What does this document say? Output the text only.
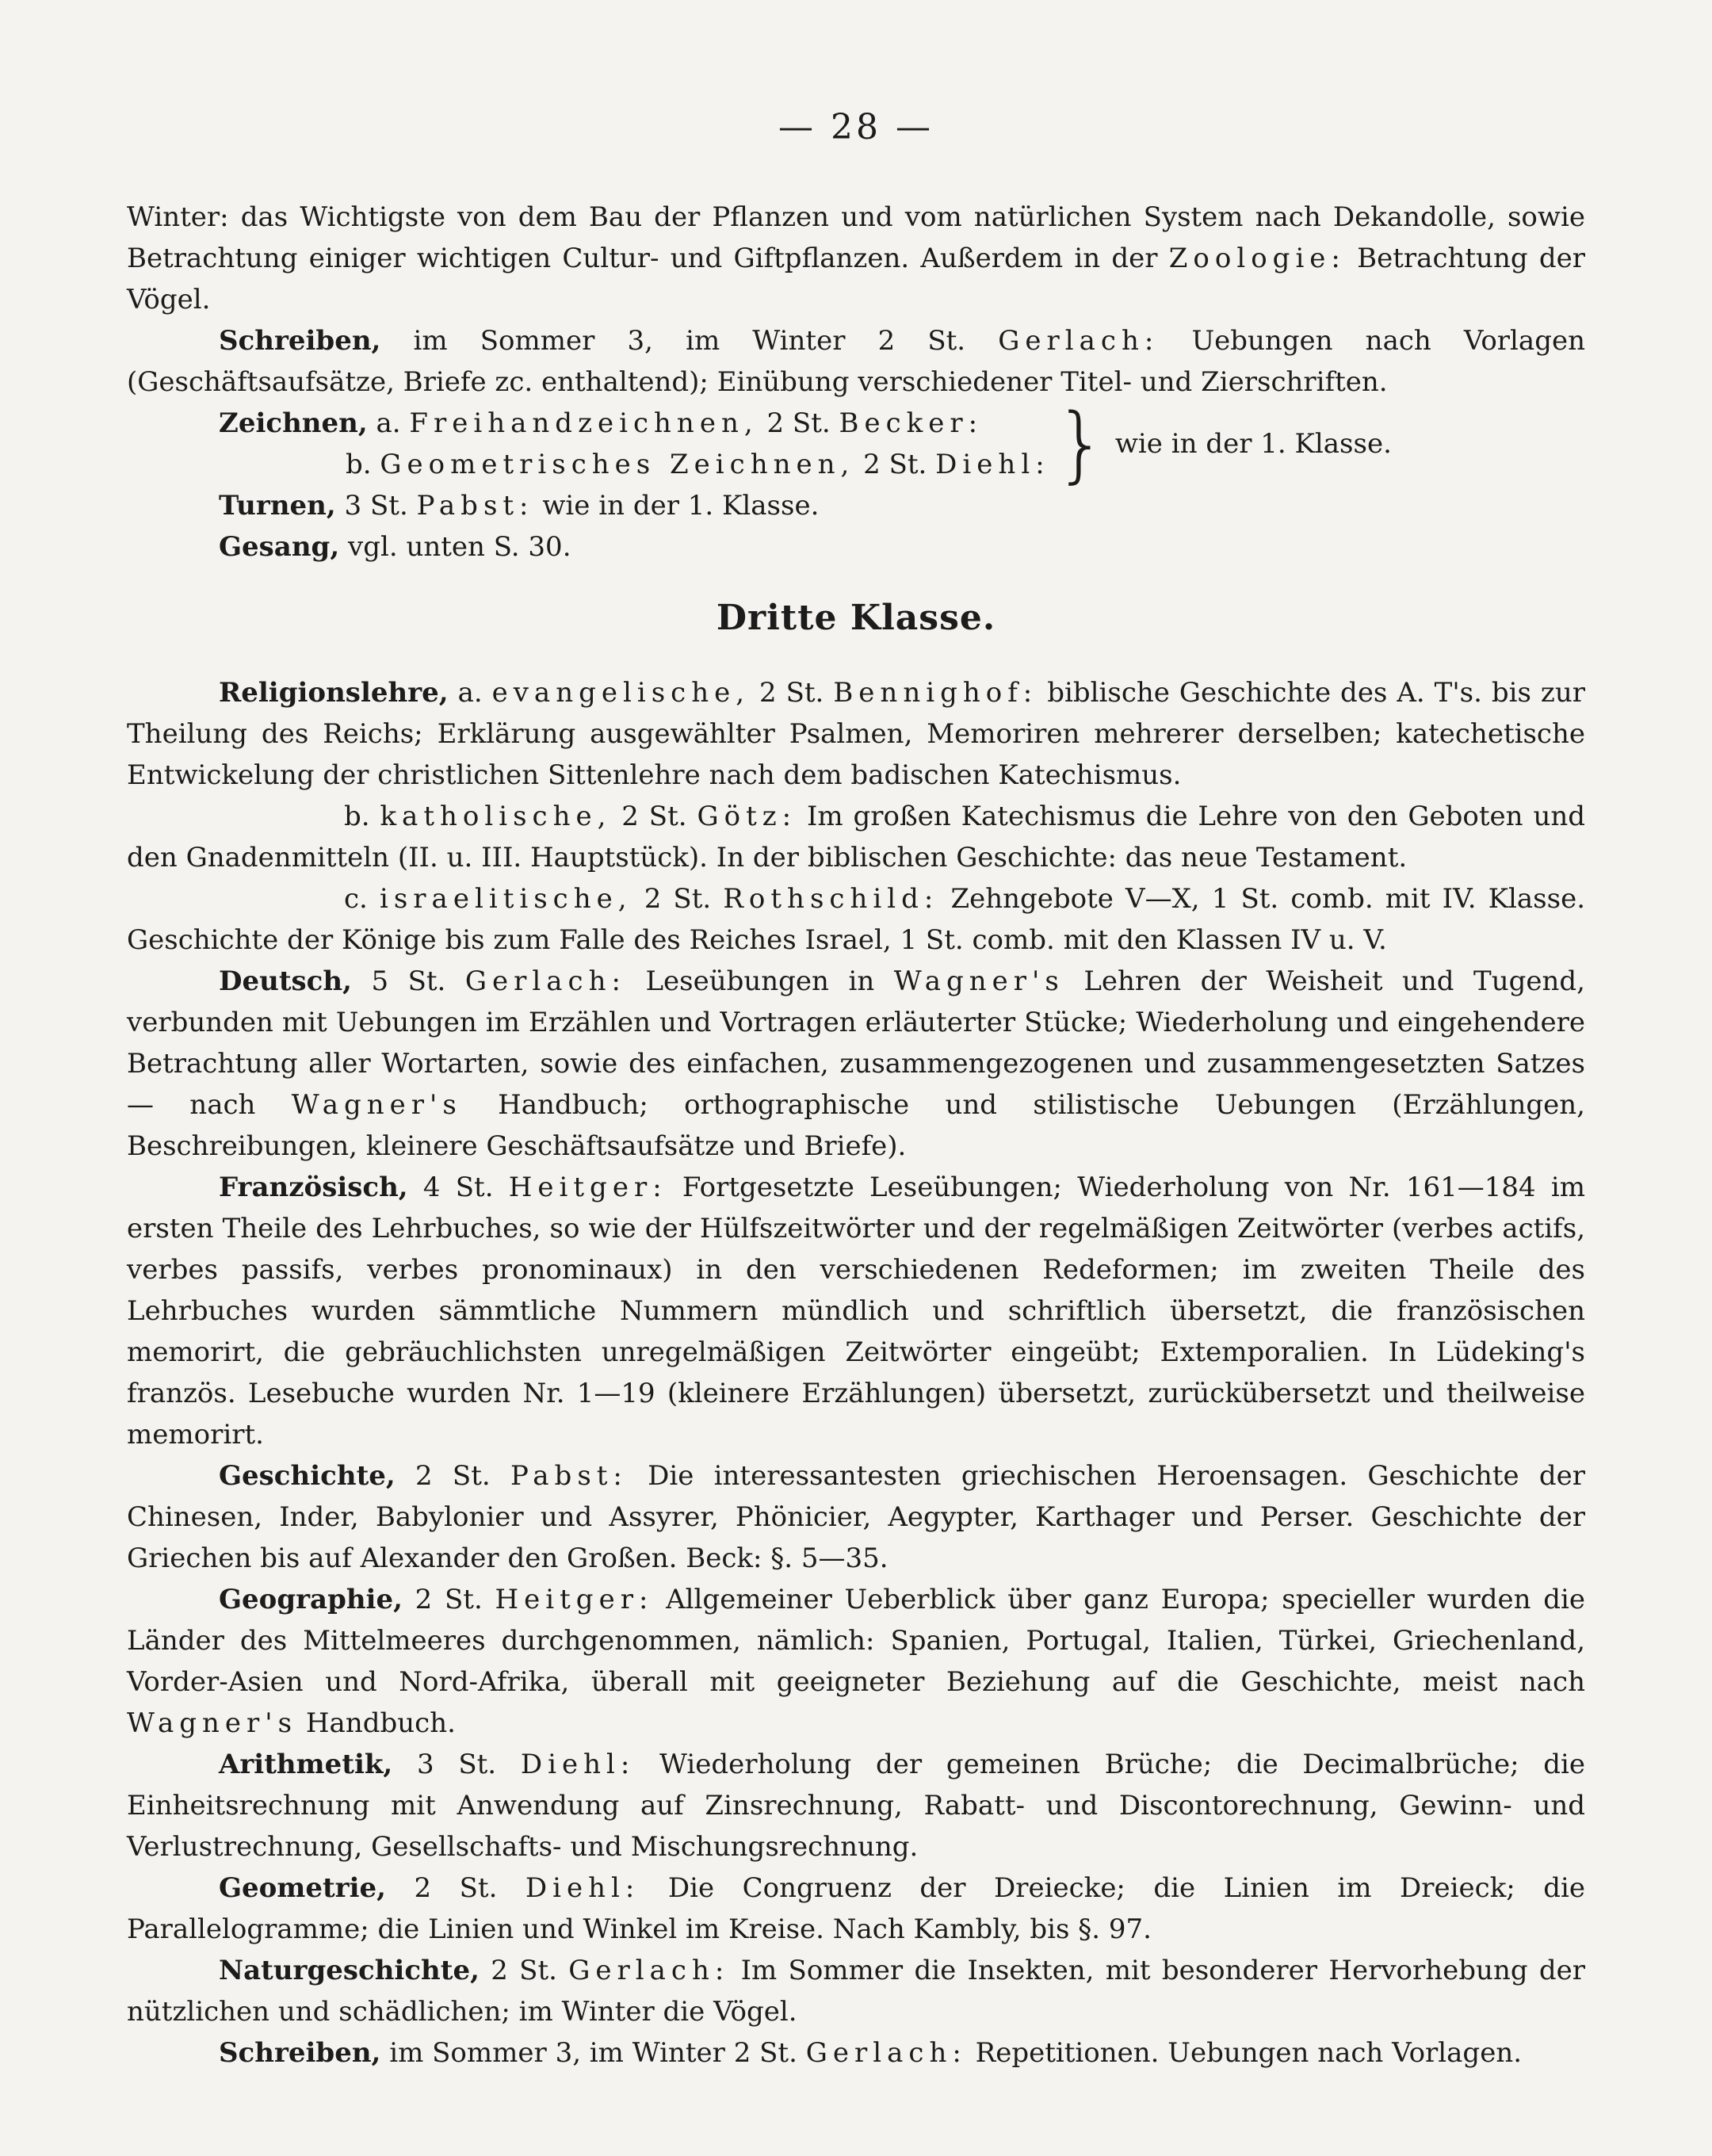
— 28 —

Winter: das Wichtigste von dem Bau der Pflanzen und vom natürlichen System nach Dekandolle, sowie Betrachtung einiger wichtigen Cultur- und Giftpflanzen. Außerdem in der Zoologie: Betrachtung der Vögel.

Schreiben, im Sommer 3, im Winter 2 St. Gerlach: Uebungen nach Vorlagen (Geschäftsaufsätze, Briefe zc. enthaltend); Einübung verschiedener Titel- und Zierschriften.

Zeichnen, a. Freihandzeichnen, 2 St. Becker:
b. Geometrisches Zeichnen, 2 St. Diehl: } wie in der 1. Klasse.

Turnen, 3 St. Pabst: wie in der 1. Klasse.

Gesang, vgl. unten S. 30.

Dritte Klasse.

Religionslehre, a. evangelische, 2 St. Bennighof: biblische Geschichte des A. T's. bis zur Theilung des Reichs; Erklärung ausgewählter Psalmen, Memoriren mehrerer derselben; katechetische Entwickelung der christlichen Sittenlehre nach dem badischen Katechismus.

b. katholische, 2 St. Götz: Im großen Katechismus die Lehre von den Geboten und den Gnadenmitteln (II. u. III. Hauptstück). In der biblischen Geschichte: das neue Testament.

c. israelitische, 2 St. Rothschild: Zehngebote V—X, 1 St. comb. mit IV. Klasse. Geschichte der Könige bis zum Falle des Reiches Israel, 1 St. comb. mit den Klassen IV u. V.

Deutsch, 5 St. Gerlach: Leseübungen in Wagner's Lehren der Weisheit und Tugend, verbunden mit Uebungen im Erzählen und Vortragen erläuterter Stücke; Wiederholung und eingehendere Betrachtung aller Wortarten, sowie des einfachen, zusammengezogenen und zusammengesetzten Satzes — nach Wagner's Handbuch; orthographische und stilistische Uebungen (Erzählungen, Beschreibungen, kleinere Geschäftsaufsätze und Briefe).

Französisch, 4 St. Heitger: Fortgesetzte Leseübungen; Wiederholung von Nr. 161—184 im ersten Theile des Lehrbuches, so wie der Hülfszeitwörter und der regelmäßigen Zeitwörter (verbes actifs, verbes passifs, verbes pronominaux) in den verschiedenen Redeformen; im zweiten Theile des Lehrbuches wurden sämmtliche Nummern mündlich und schriftlich übersetzt, die französischen memorirt, die gebräuchlichsten unregelmäßigen Zeitwörter eingeübt; Extemporalien. In Lüdeking's französ. Lesebuche wurden Nr. 1—19 (kleinere Erzählungen) übersetzt, zurückübersetzt und theilweise memorirt.

Geschichte, 2 St. Pabst: Die interessantesten griechischen Heroensagen. Geschichte der Chinesen, Inder, Babylonier und Assyrer, Phönicier, Aegypter, Karthager und Perser. Geschichte der Griechen bis auf Alexander den Großen. Beck: §. 5—35.

Geographie, 2 St. Heitger: Allgemeiner Ueberblick über ganz Europa; specieller wurden die Länder des Mittelmeeres durchgenommen, nämlich: Spanien, Portugal, Italien, Türkei, Griechenland, Vorder-Asien und Nord-Afrika, überall mit geeigneter Beziehung auf die Geschichte, meist nach Wagner's Handbuch.

Arithmetik, 3 St. Diehl: Wiederholung der gemeinen Brüche; die Decimalbrüche; die Einheitsrechnung mit Anwendung auf Zinsrechnung, Rabatt- und Discontorechnung, Gewinn- und Verlustrechnung, Gesellschafts- und Mischungsrechnung.

Geometrie, 2 St. Diehl: Die Congruenz der Dreiecke; die Linien im Dreieck; die Parallelogramme; die Linien und Winkel im Kreise. Nach Kambly, bis §. 97.

Naturgeschichte, 2 St. Gerlach: Im Sommer die Insekten, mit besonderer Hervorhebung der nützlichen und schädlichen; im Winter die Vögel.

Schreiben, im Sommer 3, im Winter 2 St. Gerlach: Repetitionen. Uebungen nach Vorlagen.
